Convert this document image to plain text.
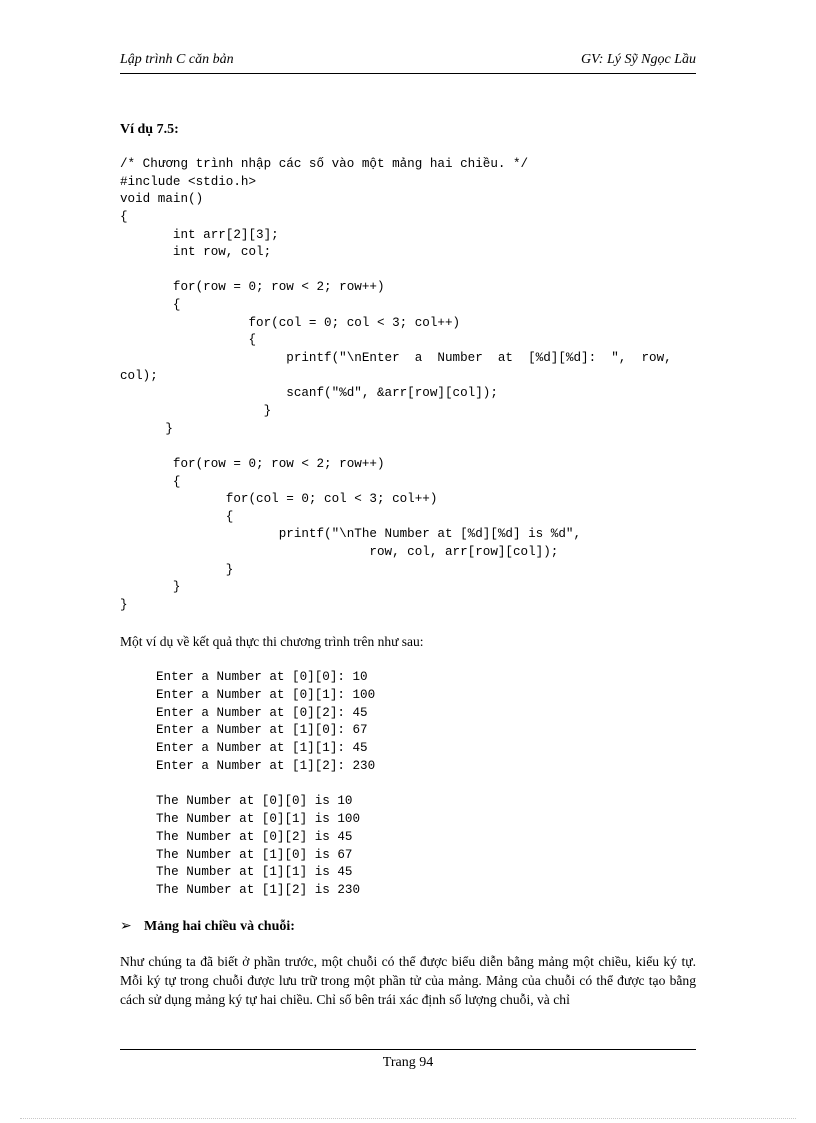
Lập trình C căn bản	GV: Lý Sỹ Ngọc Lầu
Ví dụ 7.5:
/* Chương trình nhập các số vào một mảng hai chiều. */
#include <stdio.h>
void main()
{
int arr[2][3];
int row, col;
for(row = 0; row < 2; row++)
{
for(col = 0; col < 3; col++)
{
printf("\nEnter  a  Number  at  [%d][%d]:  ",  row,
col);
scanf("%d", &arr[row][col]);
}
}
for(row = 0; row < 2; row++)
{
for(col = 0; col < 3; col++)
{
printf("\nThe Number at [%d][%d] is %d",
row, col, arr[row][col]);
}
}
}
Một ví dụ về kết quả thực thi chương trình trên như sau:
Enter a Number at [0][0]: 10
Enter a Number at [0][1]: 100
Enter a Number at [0][2]: 45
Enter a Number at [1][0]: 67
Enter a Number at [1][1]: 45
Enter a Number at [1][2]: 230
The Number at [0][0] is 10
The Number at [0][1] is 100
The Number at [0][2] is 45
The Number at [1][0] is 67
The Number at [1][1] is 45
The Number at [1][2] is 230
➢ Mảng hai chiều và chuỗi:
Như chúng ta đã biết ở phần trước, một chuỗi có thể được biểu diễn bằng mảng một chiều, kiểu ký tự. Mỗi ký tự trong chuỗi được lưu trữ trong một phần tử của mảng. Mảng của chuỗi có thể được tạo bằng cách sử dụng mảng ký tự hai chiều. Chỉ số bên trái xác định số lượng chuỗi, và chỉ
Trang 94
